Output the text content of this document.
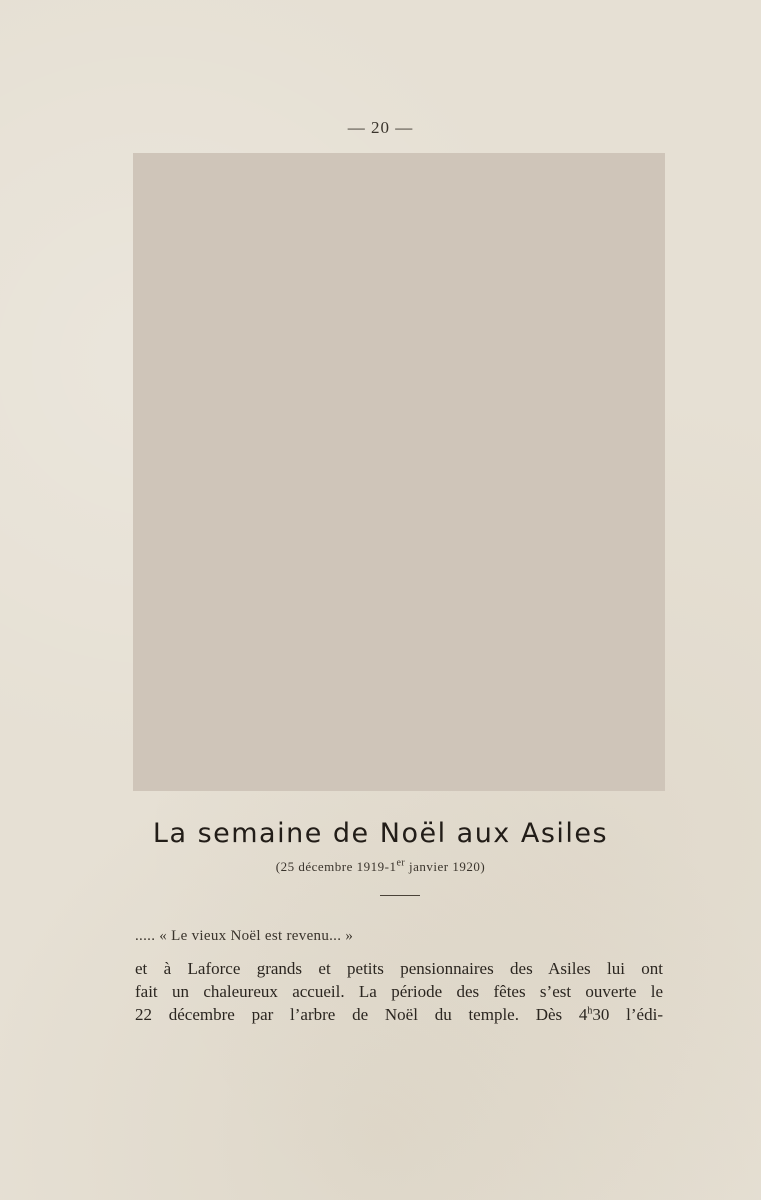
— 20 —
La semaine de Noël aux Asiles
(25 décembre 1919-1er janvier 1920)
..... « Le vieux Noël est revenu... »
et à Laforce grands et petits pensionnaires des Asiles lui ont
fait un chaleureux accueil. La période des fêtes s’est ouverte le
22 décembre par l’arbre de Noël du temple. Dès 4$^h$30 l’édi-
